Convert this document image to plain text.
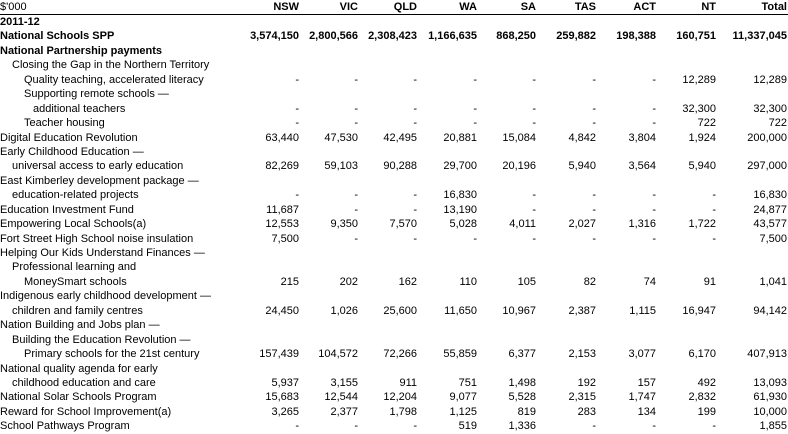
$'000	NSW	VIC	QLD	WA	SA	TAS	ACT	NT	Total
2011-12									
National Schools SPP	3,574,150	2,800,566	2,308,423	1,166,635	868,250	259,882	198,388	160,751	11,337,045
National Partnership payments									
Closing the Gap in the Northern Territory									
Quality teaching, accelerated literacy	-	-	-	-	-	-	-	12,289	12,289
Supporting remote schools —									
additional teachers	-	-	-	-	-	-	-	32,300	32,300
Teacher housing	-	-	-	-	-	-	-	722	722
Digital Education Revolution	63,440	47,530	42,495	20,881	15,084	4,842	3,804	1,924	200,000
Early Childhood Education —									
universal access to early education	82,269	59,103	90,288	29,700	20,196	5,940	3,564	5,940	297,000
East Kimberley development package —									
education-related projects	-	-	-	16,830	-	-	-	-	16,830
Education Investment Fund	11,687	-	-	13,190	-	-	-	-	24,877
Empowering Local Schools(a)	12,553	9,350	7,570	5,028	4,011	2,027	1,316	1,722	43,577
Fort Street High School noise insulation	7,500	-	-	-	-	-	-	-	7,500
Helping Our Kids Understand Finances —									
Professional learning and									
MoneySmart schools	215	202	162	110	105	82	74	91	1,041
Indigenous early childhood development —									
children and family centres	24,450	1,026	25,600	11,650	10,967	2,387	1,115	16,947	94,142
Nation Building and Jobs plan —									
Building the Education Revolution —									
Primary schools for the 21st century	157,439	104,572	72,266	55,859	6,377	2,153	3,077	6,170	407,913
National quality agenda for early									
childhood education and care	5,937	3,155	911	751	1,498	192	157	492	13,093
National Solar Schools Program	15,683	12,544	12,204	9,077	5,528	2,315	1,747	2,832	61,930
Reward for School Improvement(a)	3,265	2,377	1,798	1,125	819	283	134	199	10,000
School Pathways Program	-	-	-	519	1,336	-	-	-	1,855
